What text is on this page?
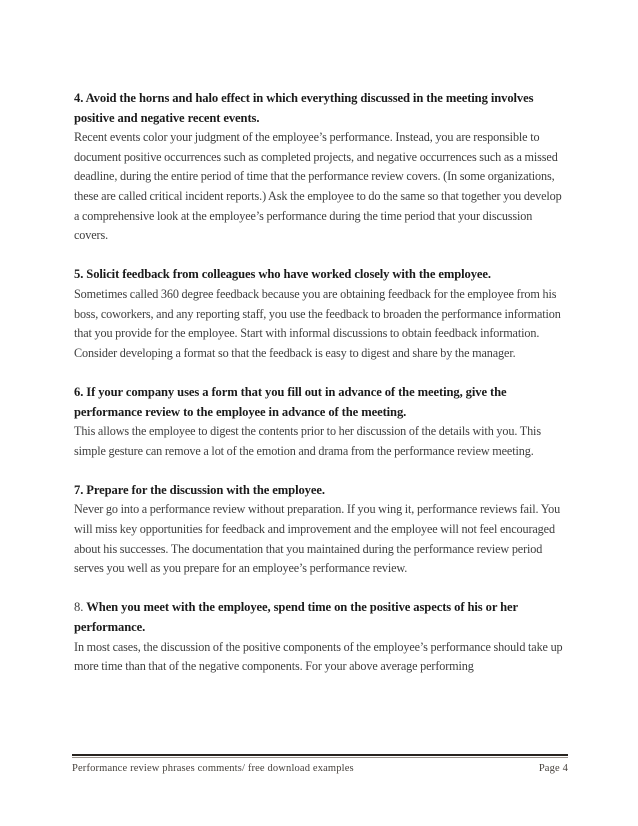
4. Avoid the horns and halo effect in which everything discussed in the meeting involves positive and negative recent events.

Recent events color your judgment of the employee’s performance. Instead, you are responsible to document positive occurrences such as completed projects, and negative occurrences such as a missed deadline, during the entire period of time that the performance review covers. (In some organizations, these are called critical incident reports.) Ask the employee to do the same so that together you develop a comprehensive look at the employee’s performance during the time period that your discussion covers.

5. Solicit feedback from colleagues who have worked closely with the employee.

Sometimes called 360 degree feedback because you are obtaining feedback for the employee from his boss, coworkers, and any reporting staff, you use the feedback to broaden the performance information that you provide for the employee. Start with informal discussions to obtain feedback information. Consider developing a format so that the feedback is easy to digest and share by the manager.

6. If your company uses a form that you fill out in advance of the meeting, give the performance review to the employee in advance of the meeting.

This allows the employee to digest the contents prior to her discussion of the details with you. This simple gesture can remove a lot of the emotion and drama from the performance review meeting.

7. Prepare for the discussion with the employee.

Never go into a performance review without preparation. If you wing it, performance reviews fail. You will miss key opportunities for feedback and improvement and the employee will not feel encouraged about his successes. The documentation that you maintained during the performance review period serves you well as you prepare for an employee’s performance review.

8. When you meet with the employee, spend time on the positive aspects of his or her performance.

In most cases, the discussion of the positive components of the employee’s performance should take up more time than that of the negative components. For your above average performing

Performance review phrases comments/ free download examples	Page 4
